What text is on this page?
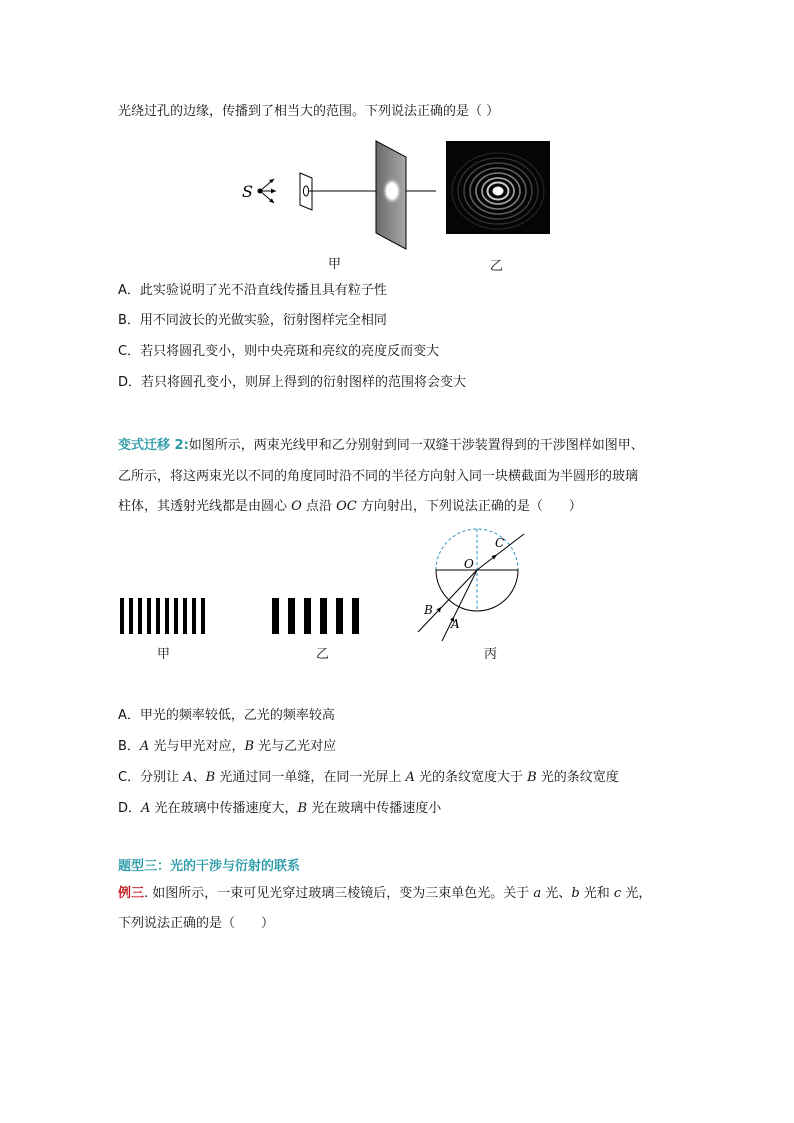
光绕过孔的边缘，传播到了相当大的范围。下列说法正确的是（ ）
S
甲	乙
A．此实验说明了光不沿直线传播且具有粒子性
B．用不同波长的光做实验，衍射图样完全相同
C．若只将圆孔变小，则中央亮斑和亮纹的亮度反而变大
D．若只将圆孔变小，则屏上得到的衍射图样的范围将会变大
变式迁移 2:如图所示，两束光线甲和乙分别射到同一双缝干涉装置得到的干涉图样如图甲、
乙所示，将这两束光以不同的角度同时沿不同的半径方向射入同一块横截面为半圆形的玻璃
柱体，其透射光线都是由圆心 O 点沿 OC 方向射出，下列说法正确的是（　　）
O
C
B
A
甲	乙	丙
A．甲光的频率较低，乙光的频率较高
B．A 光与甲光对应，B 光与乙光对应
C．分别让 A、B 光通过同一单缝，在同一光屏上 A 光的条纹宽度大于 B 光的条纹宽度
D．A 光在玻璃中传播速度大，B 光在玻璃中传播速度小
题型三：光的干涉与衍射的联系
例三. 如图所示，一束可见光穿过玻璃三棱镜后，变为三束单色光。关于 a 光、b 光和 c 光，
下列说法正确的是（　　）
